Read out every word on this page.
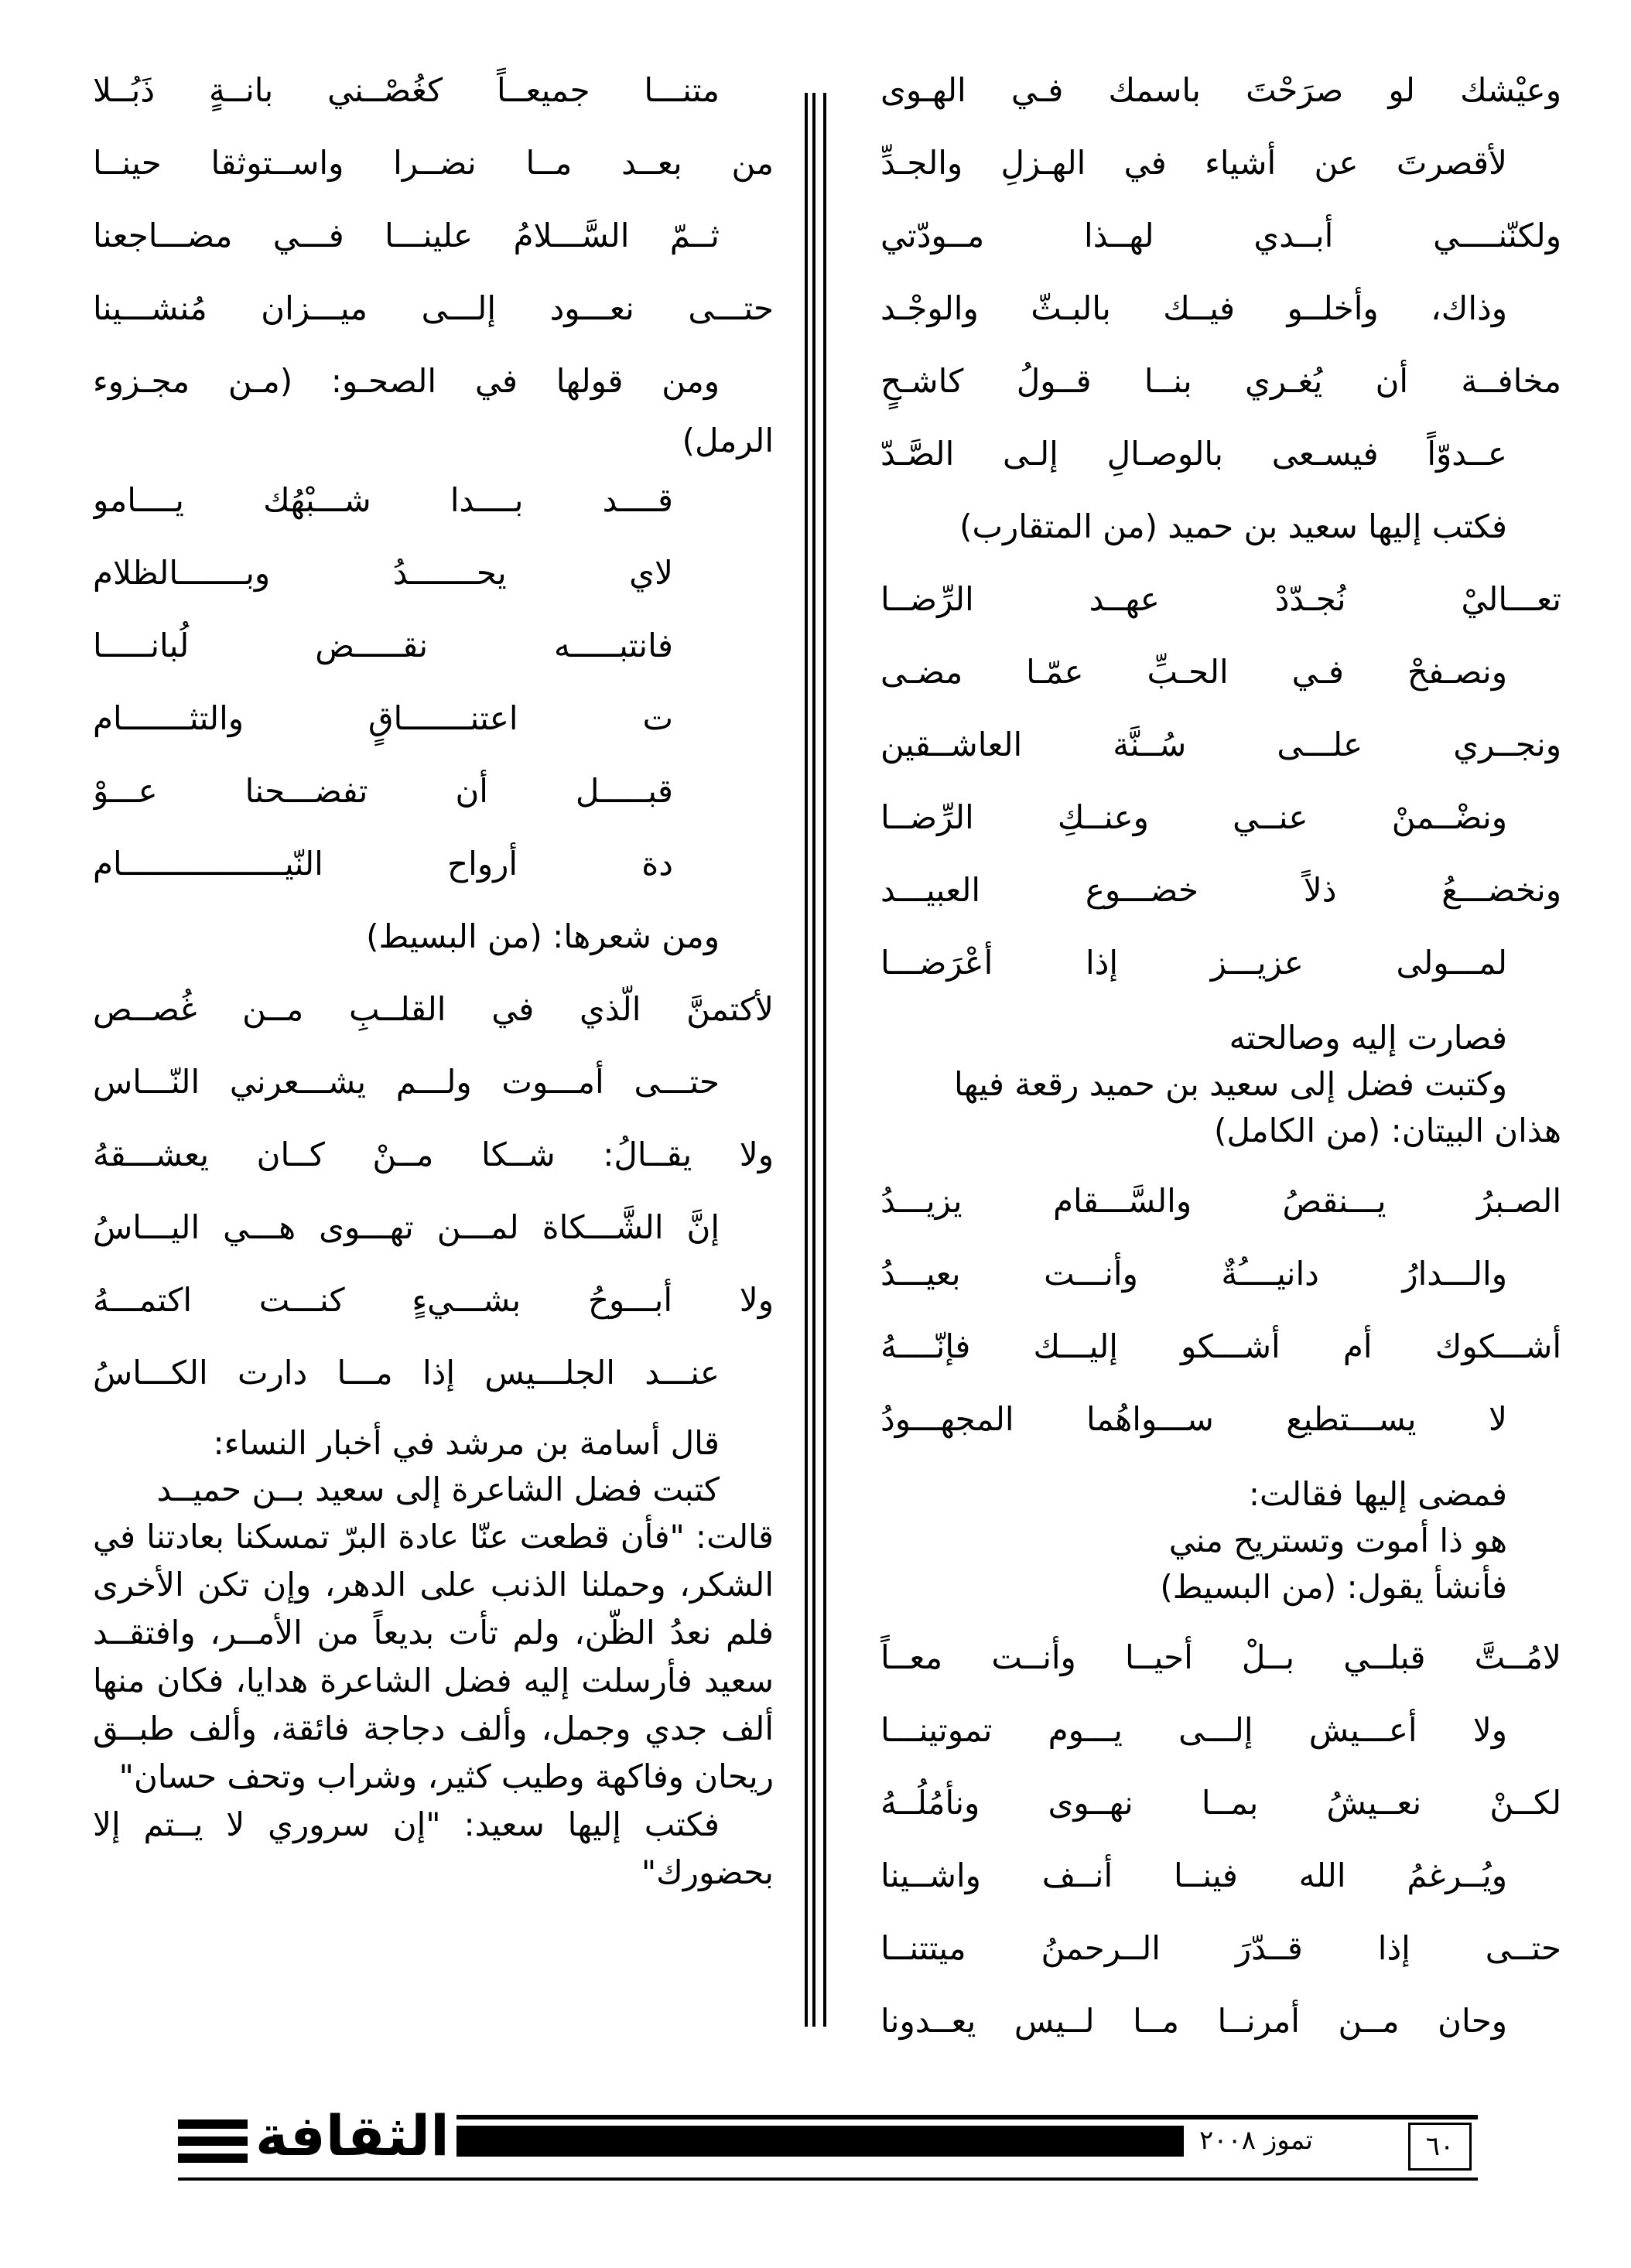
وعيْشك لو صرَحْتَ باسمك فـي الهـوى
لأقصرتَ عن أشياء في الهـزلِ والجـدِّ
ولكنّنــــي أبــدي لهــذا مــودّتي
وذاك، وأخلــو فيــك بالبـثّ والوجْـد
مخافــة أن يُغـري بنــا قــولُ كاشـحٍ
عــدوّاً فيسـعى بالوصـالِ إلـى الصَّـدّ
فكتب إليها سعيد بن حميد (من المتقارب)
تعـــاليْ نُجـدّدْ عهــد الرِّضــا
ونصـفحْ فـي الحـبِّ عمّـا مضـى
ونجــري علـــى سُــنَّة العاشــقين
ونضْــمنْ عنــي وعنــكِ الرِّضــا
ونخضـــعُ ذلاً خضـــوع العبيـــد
لمـــولى عزيـــز إذا أعْرَضـــا
فصارت إليه وصالحته
وكتبت فضل إلى سعيد بن حميد رقعة فيها
هذان البيتان: (من الكامل)
الصـبرُ يـــنقصُ والسَّـــقام يزيـــدُ
والـــدارُ دانيــــُةٌ وأنـــت بعيـــدُ
أشـــكوك أم أشـــكو إليـــك فإنّــــهُ
لا يســـتطيع ســـواهُما المجهـــودُ
فمضى إليها فقالت:
هو ذا أموت وتستريح مني
فأنشأ يقول: (من البسيط)
لامُــتَّ قبلــي بــلْ أحيــا وأنــت معــاً
ولا أعـــيش إلـــى يـــوم تموتينـــا
لكــنْ نعــيشُ بمــا نهــوى ونأمُلُــهُ
ويُــرغمُ الله فينــا أنــف واشــينا
حتــى إذا قــدّرَ الــرحمنُ ميتتنــا
وحان مــن أمرنــا مــا لــيس يعــدونا
متنـــا جميعــاً كغُصْــني بانــةٍ ذَبُــلا
من بعــد مــا نضــرا واســتوثقا حينــا
ثــمّ السَّـــلامُ علينـــا فـــي مضـــاجعنا
حتـــى نعـــود إلـــى ميـــزان مُنشـــينا
ومن قولها في الصحـو: (مـن مجـزوء
الرمل)
قــــد بــــدا شـــبْهُك يــــامو
لاي يحـــــــدُ وبـــــــالظلام
فانتبـــــه نقـــــض لُبانـــــا
ت اعتنـــــــاقٍ والتثـــــــام
قبـــــل أن تفضـــحنا عـــوْ
دة أرواح النّيـــــــــــــــــام
ومن شعرها: (من البسيط)
لأكتمنَّ الّذي في القلــبِ مــن غُصــص
حتـــى أمـــوت ولـــم يشـــعرني النّـــاس
ولا يقــالُ: شــكا مــنْ كــان يعشـــقهُ
إنَّ الشَّـــكاة لمـــن تهـــوى هـــي اليـــاسُ
ولا أبـــوحُ بشـــيءٍ كنـــت اكتمـــهُ
عنـــد الجلـــيس إذا مـــا دارت الكـــاسُ
قال أسامة بن مرشد في أخبار النساء:
كتبت فضل الشاعرة إلى سعيد بــن حميــد

قالت: "فأن قطعت عنّا عادة البرّ تمسكنا بعادتنا في الشكر، وحملنا الذنب على الدهر، وإن تكن الأخرى فلم نعدُ الظّن، ولم تأت بديعاً من الأمــر، وافتقــد سعيد فأرسلت إليه فضل الشاعرة هدايا، فكان منها ألف جدي وجمل، وألف دجاجة فائقة، وألف طبــق ريحان وفاكهة وطيب كثير، وشراب وتحف حسان"

فكتب إليها سعيد: "إن سروري لا يــتم إلا بحضورك"

الثقافة	تموز ٢٠٠٨	٦٠
